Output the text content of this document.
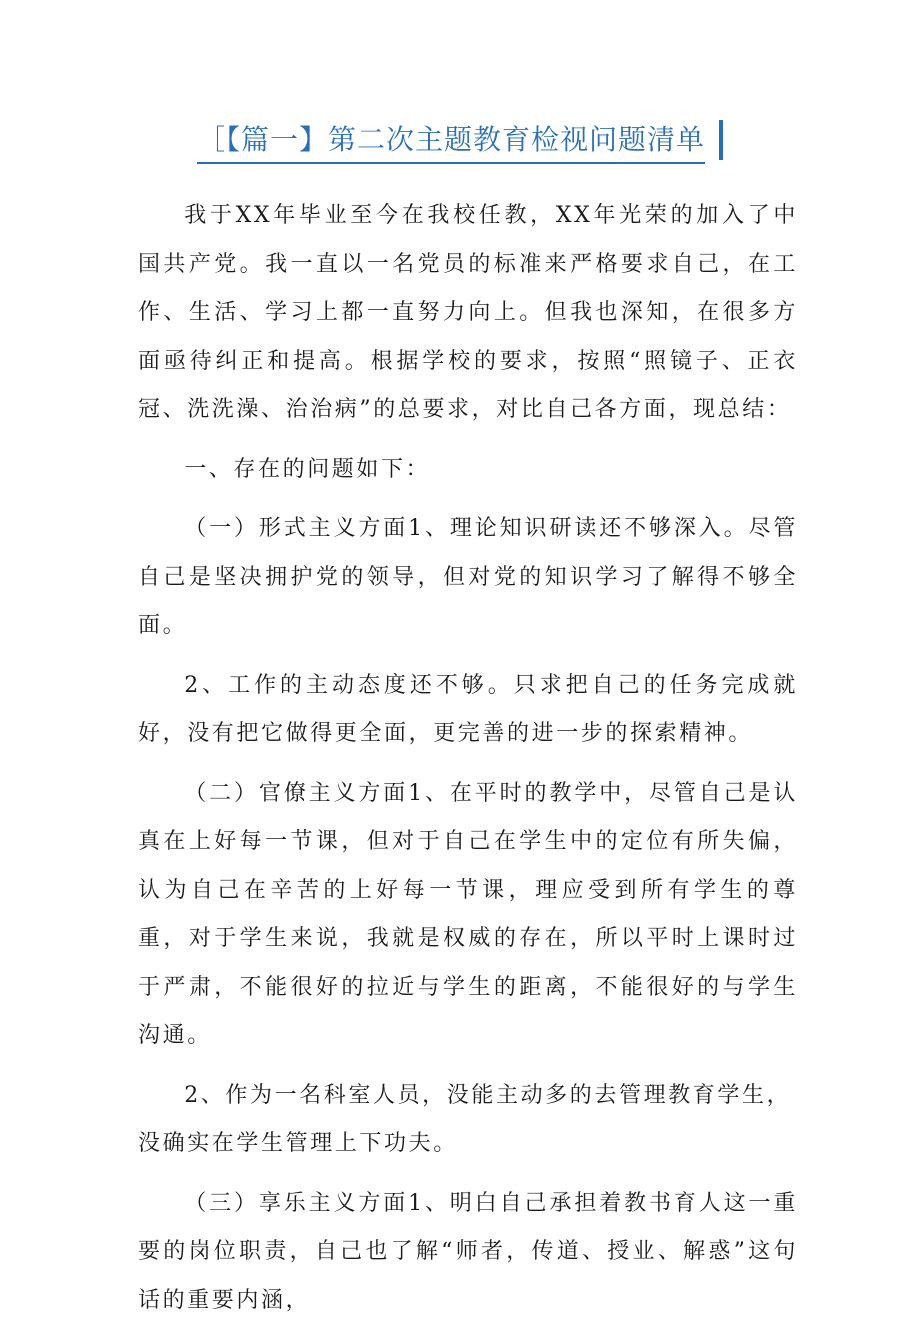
［【篇一】第二次主题教育检视问题清单

我于XX年毕业至今在我校任教，XX年光荣的加入了中国共产党。我一直以一名党员的标准来严格要求自己，在工作、生活、学习上都一直努力向上。但我也深知，在很多方面亟待纠正和提高。根据学校的要求，按照“照镜子、正衣冠、洗洗澡、治治病”的总要求，对比自己各方面，现总结：

一、存在的问题如下：

（一）形式主义方面1、理论知识研读还不够深入。尽管自己是坚决拥护党的领导，但对党的知识学习了解得不够全面。

2、工作的主动态度还不够。只求把自己的任务完成就好，没有把它做得更全面，更完善的进一步的探索精神。

（二）官僚主义方面1、在平时的教学中，尽管自己是认真在上好每一节课，但对于自己在学生中的定位有所失偏，认为自己在辛苦的上好每一节课，理应受到所有学生的尊重，对于学生来说，我就是权威的存在，所以平时上课时过于严肃，不能很好的拉近与学生的距离，不能很好的与学生沟通。

2、作为一名科室人员，没能主动多的去管理教育学生，

没确实在学生管理上下功夫。

（三）享乐主义方面1、明白自己承担着教书育人这一重要的岗位职责，自己也了解“师者，传道、授业、解惑”这句话的重要内涵，
